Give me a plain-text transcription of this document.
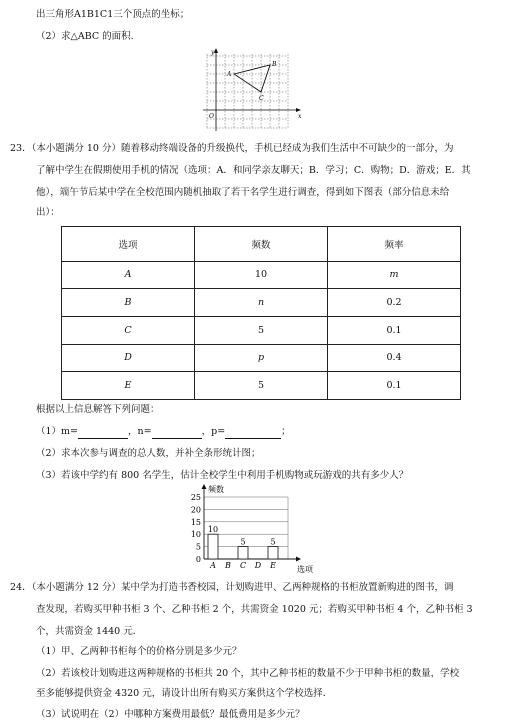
出三角形A1B1C1三个顶点的坐标；
（2）求△ABC 的面积.
y
x
O
A
B
C
23．（本小题满分 10 分）随着移动终端设备的升级换代，手机已经成为我们生活中不可缺少的一部分，为
了解中学生在假期使用手机的情况（选项：A．和同学亲友聊天；B．学习；C．购物；D．游戏；E．其
他），端午节后某中学在全校范围内随机抽取了若干名学生进行调查，得到如下图表（部分信息未给
出）：
选项	频数	频率
A	10	m
B	n	0.2
C	5	0.1
D	p	0.4
E	5	0.1
根据以上信息解答下列问题：
（1）m=	，n=	，p=	；
（2）求本次参与调查的总人数，并补全条形统计图；
（3）若该中学约有 800 名学生，估计全校学生中利用手机购物或玩游戏的共有多少人？
0
5
10
15
20
25
频数
选项
A
10
B C
5
D E
5
24．（本小题满分 12 分）某中学为打造书香校园，计划购进甲、乙两种规格的书柜放置新购进的图书，调
查发现，若购买甲种书柜 3 个、乙种书柜 2 个，共需资金 1020 元；若购买甲种书柜 4 个，乙种书柜 3
个，共需资金 1440 元．
（1）甲、乙两种书柜每个的价格分别是多少元？
（2）若该校计划购进这两种规格的书柜共 20 个，其中乙种书柜的数量不少于甲种书柜的数量，学校
至多能够提供资金 4320 元，请设计出所有购买方案供这个学校选择．
（3）试说明在（2）中哪种方案费用最低？最低费用是多少元？
